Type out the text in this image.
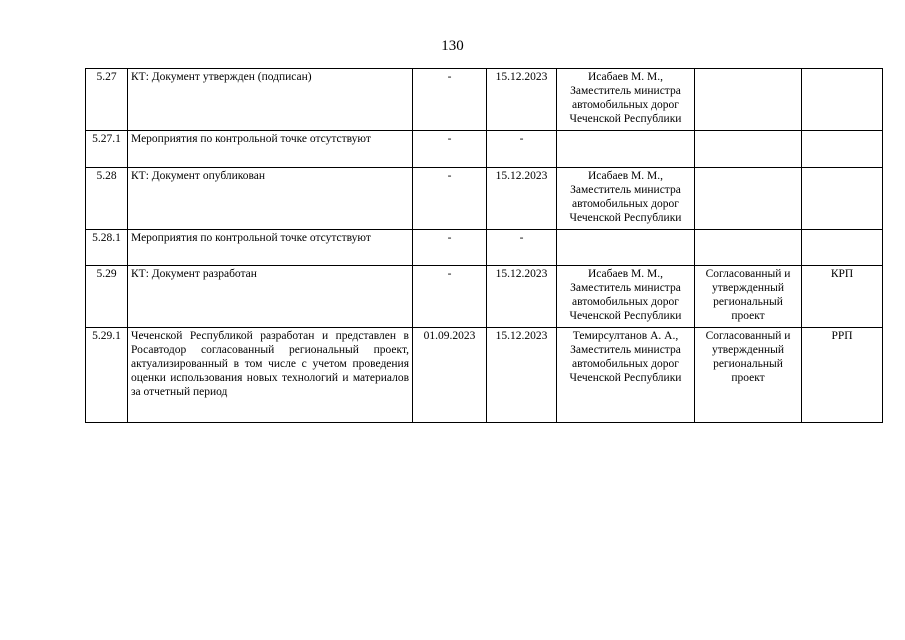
130
5.27	КТ: Документ утвержден (подписан)	-	15.12.2023	Исабаев М. М., Заместитель министра автомобильных дорог Чеченской Республики		
5.27.1	Мероприятия по контрольной точке отсутствуют	-	-			
5.28	КТ: Документ опубликован	-	15.12.2023	Исабаев М. М., Заместитель министра автомобильных дорог Чеченской Республики		
5.28.1	Мероприятия по контрольной точке отсутствуют	-	-			
5.29	КТ: Документ разработан	-	15.12.2023	Исабаев М. М., Заместитель министра автомобильных дорог Чеченской Республики	Согласованный и утвержденный региональный проект	КРП
5.29.1	Чеченской Республикой разработан и представлен в Росавтодор согласованный региональный проект, актуализированный в том числе с учетом проведения оценки использования новых технологий и материалов за отчетный период	01.09.2023	15.12.2023	Темирсултанов А. А., Заместитель министра автомобильных дорог Чеченской Республики	Согласованный и утвержденный региональный проект	РРП
